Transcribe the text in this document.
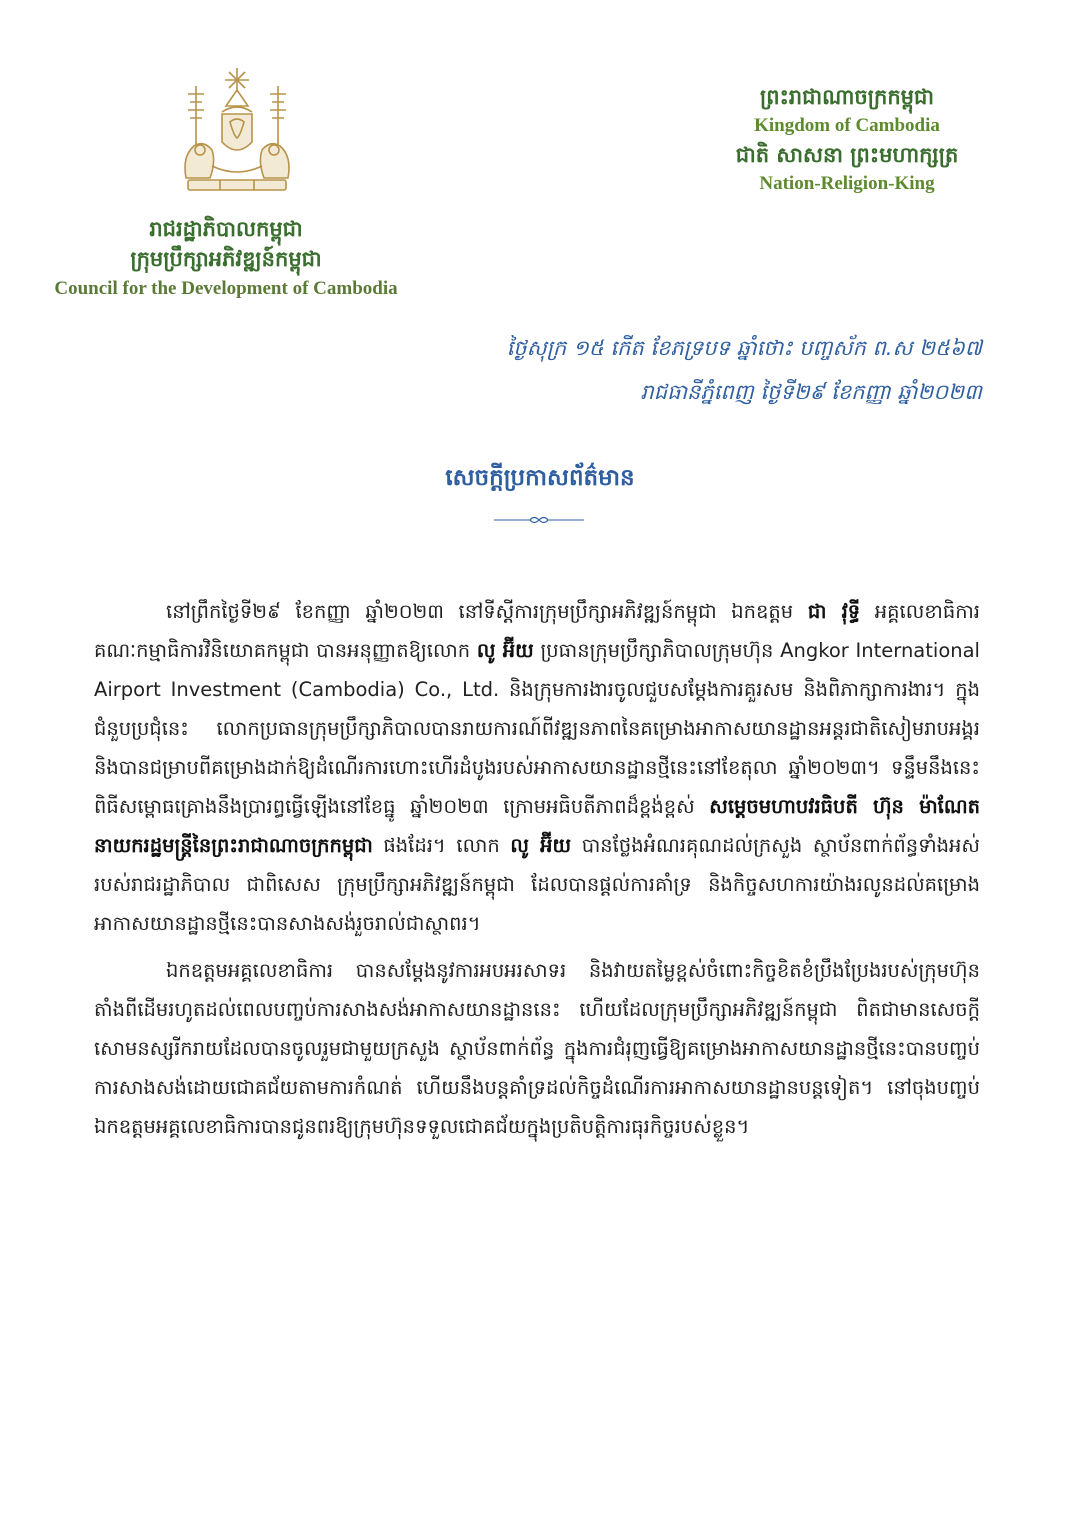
រាជរដ្ឋាភិបាលកម្ពុជា
ក្រុមប្រឹក្សាអភិវឌ្ឍន៍កម្ពុជា
Council for the Development of Cambodia
ព្រះរាជាណាចក្រកម្ពុជា
Kingdom of Cambodia
ជាតិ សាសនា ព្រះមហាក្សត្រ
Nation-Religion-King
ថ្ងៃសុក្រ ១៥ កើត ខែភទ្របទ ឆ្នាំថោះ បញ្ចស័ក ព.ស ២៥៦៧
រាជធានីភ្នំពេញ ថ្ងៃទី២៩ ខែកញ្ញា ឆ្នាំ២០២៣
សេចក្តីប្រកាសព័ត៌មាន

នៅព្រឹកថ្ងៃទី២៩ ខែកញ្ញា ឆ្នាំ២០២៣ នៅទីស្តីការក្រុមប្រឹក្សាអភិវឌ្ឍន៍កម្ពុជា ឯកឧត្តម ជា វុទ្ធី អគ្គលេខាធិការគណៈកម្មាធិការវិនិយោគកម្ពុជា បានអនុញ្ញាតឱ្យលោក លូ អ៊ីយ ប្រធានក្រុមប្រឹក្សាភិបាលក្រុមហ៊ុន Angkor International Airport Investment (Cambodia) Co., Ltd. និងក្រុមការងារចូលជួបសម្តែងការគួរសម និងពិភាក្សាការងារ។ ក្នុងជំនួបប្រជុំនេះ លោកប្រធានក្រុមប្រឹក្សាភិបាលបានរាយការណ៍ពីវឌ្ឍនភាពនៃគម្រោងអាកាសយានដ្ឋានអន្តរជាតិសៀមរាបអង្គរ និងបានជម្រាបពីគម្រោងដាក់ឱ្យដំណើរការហោះហើរដំបូងរបស់អាកាសយានដ្ឋានថ្មីនេះនៅខែតុលា ឆ្នាំ២០២៣។ ទន្ទឹមនឹងនេះ ពិធីសម្ពោធគ្រោងនឹងប្រារព្ធធ្វើឡើងនៅខែធ្នូ ឆ្នាំ២០២៣ ក្រោមអធិបតីភាពដ៏ខ្ពង់ខ្ពស់ សម្តេចមហាបវរធិបតី ហ៊ុន ម៉ាណែត នាយករដ្ឋមន្ត្រីនៃព្រះរាជាណាចក្រកម្ពុជា ផងដែរ។ លោក លូ អ៊ីយ បានថ្លែងអំណរគុណដល់ក្រសួង ស្ថាប័នពាក់ព័ន្ធទាំងអស់របស់រាជរដ្ឋាភិបាល ជាពិសេស ក្រុមប្រឹក្សាអភិវឌ្ឍន៍កម្ពុជា ដែលបានផ្តល់ការគាំទ្រ និងកិច្ចសហការយ៉ាងរលូនដល់គម្រោងអាកាសយានដ្ឋានថ្មីនេះបានសាងសង់រួចរាល់ជាស្ថាពរ។

ឯកឧត្តមអគ្គលេខាធិការ បានសម្តែងនូវការអបអរសាទរ និងវាយតម្លៃខ្ពស់ចំពោះកិច្ចខិតខំប្រឹងប្រែងរបស់ក្រុមហ៊ុន តាំងពីដើមរហូតដល់ពេលបញ្ចប់ការសាងសង់អាកាសយានដ្ឋាននេះ ហើយដែលក្រុមប្រឹក្សាអភិវឌ្ឍន៍កម្ពុជា ពិតជាមានសេចក្តីសោមនស្សរីករាយដែលបានចូលរួមជាមួយក្រសួង ស្ថាប័នពាក់ព័ន្ធ ក្នុងការជំរុញធ្វើឱ្យគម្រោងអាកាសយានដ្ឋានថ្មីនេះបានបញ្ចប់ការសាងសង់ដោយជោគជ័យតាមការកំណត់ ហើយនឹងបន្តគាំទ្រដល់កិច្ចដំណើរការអាកាសយានដ្ឋានបន្តទៀត។ នៅចុងបញ្ចប់ ឯកឧត្តមអគ្គលេខាធិការបានជូនពរឱ្យក្រុមហ៊ុនទទួលជោគជ័យក្នុងប្រតិបត្តិការធុរកិច្ចរបស់ខ្លួន។
